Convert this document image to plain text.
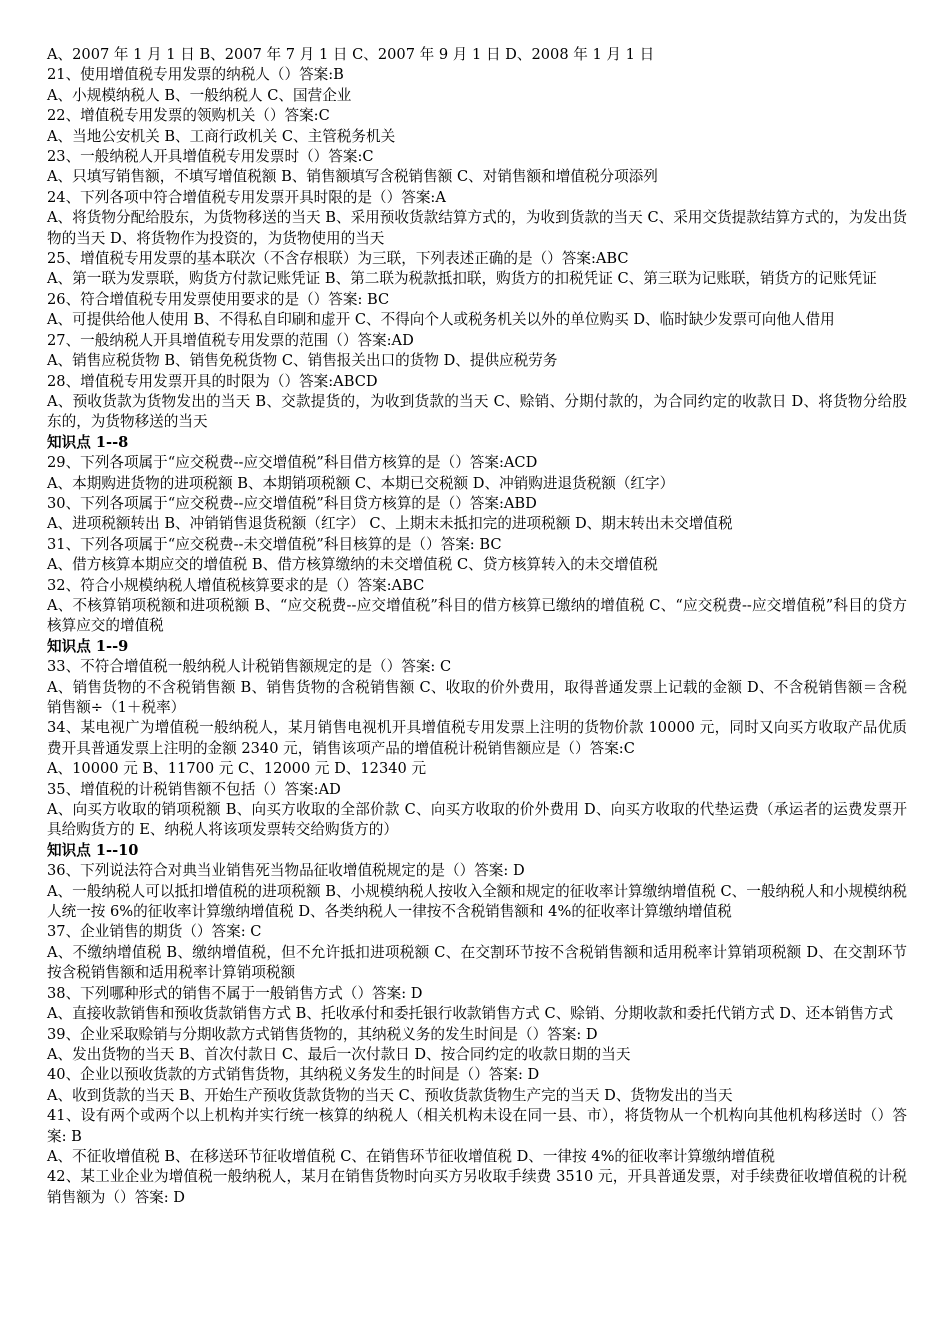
A、2007 年 1 月 1 日 B、2007 年 7 月 1 日 C、2007 年 9 月 1 日 D、2008 年 1 月 1 日

21、使用增值税专用发票的纳税人（）答案:B

A、小规模纳税人 B、一般纳税人 C、国营企业

22、增值税专用发票的领购机关（）答案:C

A、当地公安机关 B、工商行政机关 C、主管税务机关

23、一般纳税人开具增值税专用发票时（）答案:C

A、只填写销售额，不填写增值税额 B、销售额填写含税销售额 C、对销售额和增值税分项添列

24、下列各项中符合增值税专用发票开具时限的是（）答案:A

A、将货物分配给股东，为货物移送的当天 B、采用预收货款结算方式的，为收到货款的当天 C、采用交货提款结算方式的，为发出货物的当天 D、将货物作为投资的，为货物使用的当天

25、增值税专用发票的基本联次（不含存根联）为三联，下列表述正确的是（）答案:ABC

A、第一联为发票联，购货方付款记账凭证 B、第二联为税款抵扣联，购货方的扣税凭证 C、第三联为记账联，销货方的记账凭证

26、符合增值税专用发票使用要求的是（）答案: BC

A、可提供给他人使用 B、不得私自印刷和虚开 C、不得向个人或税务机关以外的单位购买 D、临时缺少发票可向他人借用

27、一般纳税人开具增值税专用发票的范围（）答案:AD

A、销售应税货物 B、销售免税货物 C、销售报关出口的货物 D、提供应税劳务

28、增值税专用发票开具的时限为（）答案:ABCD

A、预收货款为货物发出的当天 B、交款提货的，为收到货款的当天 C、赊销、分期付款的，为合同约定的收款日 D、将货物分给股东的，为货物移送的当天

知识点 1--8

29、下列各项属于“应交税费--应交增值税”科目借方核算的是（）答案:ACD

A、本期购进货物的进项税额 B、本期销项税额 C、本期已交税额 D、冲销购进退货税额（红字）

30、下列各项属于“应交税费--应交增值税”科目贷方核算的是（）答案:ABD

A、进项税额转出 B、冲销销售退货税额（红字） C、上期末未抵扣完的进项税额 D、期末转出未交增值税

31、下列各项属于“应交税费--未交增值税”科目核算的是（）答案: BC

A、借方核算本期应交的增值税 B、借方核算缴纳的未交增值税 C、贷方核算转入的未交增值税

32、符合小规模纳税人增值税核算要求的是（）答案:ABC

A、不核算销项税额和进项税额 B、“应交税费--应交增值税”科目的借方核算已缴纳的增值税 C、“应交税费--应交增值税”科目的贷方核算应交的增值税

知识点 1--9

33、不符合增值税一般纳税人计税销售额规定的是（）答案: C

A、销售货物的不含税销售额 B、销售货物的含税销售额 C、收取的价外费用，取得普通发票上记载的金额 D、不含税销售额＝含税销售额÷（1＋税率）

34、某电视广为增值税一般纳税人，某月销售电视机开具增值税专用发票上注明的货物价款 10000 元，同时又向买方收取产品优质费开具普通发票上注明的金额 2340 元，销售该项产品的增值税计税销售额应是（）答案:C

A、10000 元 B、11700 元 C、12000 元 D、12340 元

35、增值税的计税销售额不包括（）答案:AD

A、向买方收取的销项税额 B、向买方收取的全部价款 C、向买方收取的价外费用 D、向买方收取的代垫运费（承运者的运费发票开具给购货方的 E、纳税人将该项发票转交给购货方的）

知识点 1--10

36、下列说法符合对典当业销售死当物品征收增值税规定的是（）答案: D

A、一般纳税人可以抵扣增值税的进项税额 B、小规模纳税人按收入全额和规定的征收率计算缴纳增值税 C、一般纳税人和小规模纳税人统一按 6%的征收率计算缴纳增值税 D、各类纳税人一律按不含税销售额和 4%的征收率计算缴纳增值税

37、企业销售的期货（）答案: C

A、不缴纳增值税 B、缴纳增值税，但不允许抵扣进项税额 C、在交割环节按不含税销售额和适用税率计算销项税额 D、在交割环节按含税销售额和适用税率计算销项税额

38、下列哪种形式的销售不属于一般销售方式（）答案: D

A、直接收款销售和预收货款销售方式 B、托收承付和委托银行收款销售方式 C、赊销、分期收款和委托代销方式 D、还本销售方式

39、企业采取赊销与分期收款方式销售货物的，其纳税义务的发生时间是（）答案: D

A、发出货物的当天 B、首次付款日 C、最后一次付款日 D、按合同约定的收款日期的当天

40、企业以预收货款的方式销售货物，其纳税义务发生的时间是（）答案: D

A、收到货款的当天 B、开始生产预收货款货物的当天 C、预收货款货物生产完的当天 D、货物发出的当天

41、设有两个或两个以上机构并实行统一核算的纳税人（相关机构未设在同一县、市），将货物从一个机构向其他机构移送时（）答案: B

A、不征收增值税 B、在移送环节征收增值税 C、在销售环节征收增值税 D、一律按 4%的征收率计算缴纳增值税

42、某工业企业为增值税一般纳税人，某月在销售货物时向买方另收取手续费 3510 元，开具普通发票，对手续费征收增值税的计税销售额为（）答案: D
